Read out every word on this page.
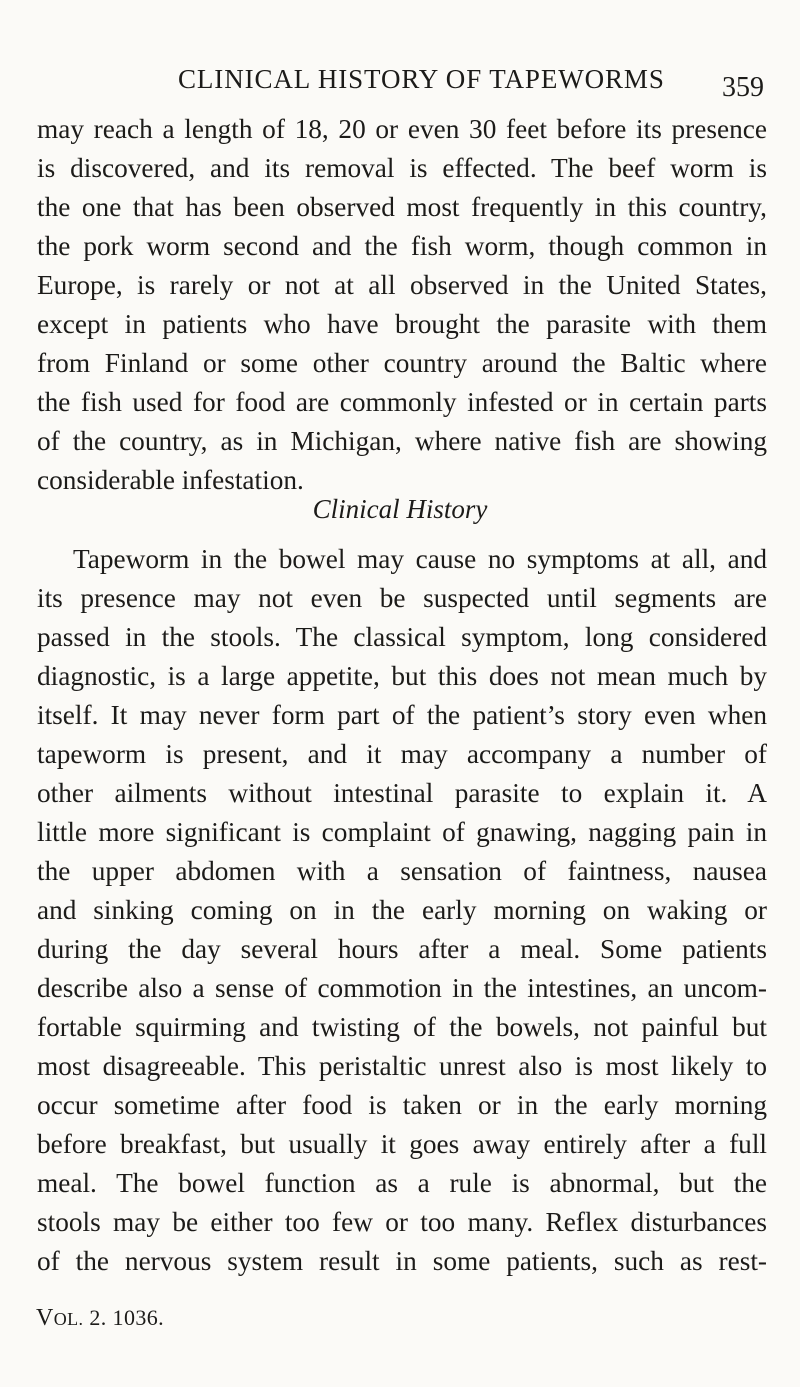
CLINICAL HISTORY OF TAPEWORMS 359

may reach a length of 18, 20 or even 30 feet before its presence
is discovered, and its removal is effected. The beef worm is
the one that has been observed most frequently in this country,
the pork worm second and the fish worm, though common in
Europe, is rarely or not at all observed in the United States,
except in patients who have brought the parasite with them
from Finland or some other country around the Baltic where
the fish used for food are commonly infested or in certain parts
of the country, as in Michigan, where native fish are showing
considerable infestation.

Clinical History

Tapeworm in the bowel may cause no symptoms at all, and
its presence may not even be suspected until segments are
passed in the stools. The classical symptom, long considered
diagnostic, is a large appetite, but this does not mean much by
itself. It may never form part of the patient’s story even when
tapeworm is present, and it may accompany a number of
other ailments without intestinal parasite to explain it. A
little more significant is complaint of gnawing, nagging pain in
the upper abdomen with a sensation of faintness, nausea
and sinking coming on in the early morning on waking or
during the day several hours after a meal. Some patients
describe also a sense of commotion in the intestines, an uncom-
fortable squirming and twisting of the bowels, not painful but
most disagreeable. This peristaltic unrest also is most likely to
occur sometime after food is taken or in the early morning
before breakfast, but usually it goes away entirely after a full
meal. The bowel function as a rule is abnormal, but the
stools may be either too few or too many. Reflex disturbances
of the nervous system result in some patients, such as rest-

VOL. 2. 1036.
